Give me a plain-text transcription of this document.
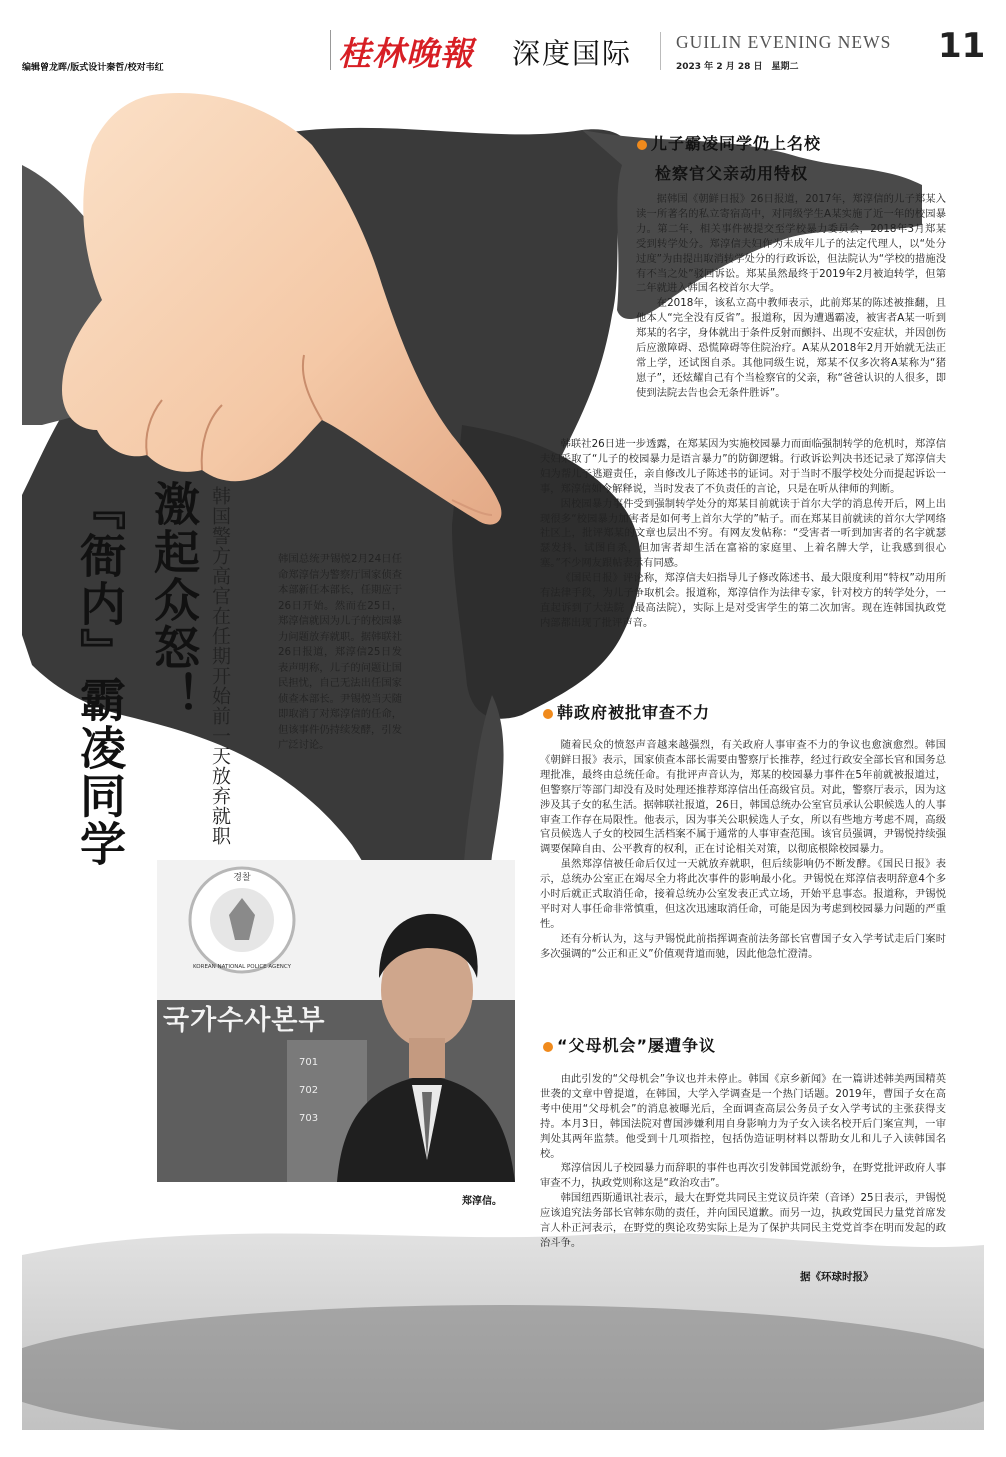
编辑曾龙晖/版式设计秦哲/校对韦红	桂林晚報 深度国际	GUILIN EVENING NEWS
2023 年 2 月 28 日　星期二
11
激起众怒！
『衙内』霸凌同学	韩国警方高官在任期开始前一天放弃就职	韩国总统尹锡悦2月24日任命郑淳信为警察厅国家侦查本部新任本部长，任期应于26日开始。然而在25日，郑淳信就因为儿子的校园暴力问题放弃就职。据韩联社26日报道，郑淳信25日发表声明称，儿子的问题让国民担忧，自己无法出任国家侦查本部长。尹锡悦当天随即取消了对郑淳信的任命，但该事件仍持续发酵，引发广泛讨论。
경찰
KOREAN NATIONAL POLICE AGENCY
701
702
703
국가수사본부
郑淳信。
儿子霸凌同学仍上名校
检察官父亲动用特权

据韩国《朝鲜日报》26日报道，2017年，郑淳信的儿子郑某入读一所著名的私立寄宿高中，对同级学生A某实施了近一年的校园暴力。第二年，相关事件被提交至学校暴力委员会，2018年3月郑某受到转学处分。郑淳信夫妇作为未成年儿子的法定代理人，以“处分过度”为由提出取消转学处分的行政诉讼，但法院认为“学校的措施没有不当之处”驳回诉讼。郑某虽然最终于2019年2月被迫转学，但第二年就进入韩国名校首尔大学。

在2018年，该私立高中教师表示，此前郑某的陈述被推翻，且他本人“完全没有反省”。报道称，因为遭遇霸凌，被害者A某一听到郑某的名字，身体就出于条件反射而颤抖、出现不安症状，并因创伤后应激障碍、恐慌障碍等住院治疗。A某从2018年2月开始就无法正常上学，还试图自杀。其他同级生说，郑某不仅多次将A某称为“猪崽子”，还炫耀自己有个当检察官的父亲，称“爸爸认识的人很多，即使到法院去告也会无条件胜诉”。

韩联社26日进一步透露，在郑某因为实施校园暴力而面临强制转学的危机时，郑淳信夫妇采取了“儿子的校园暴力是语言暴力”的防御逻辑。行政诉讼判决书还记录了郑淳信夫妇为帮儿子逃避责任，亲自修改儿子陈述书的证词。对于当时不服学校处分而提起诉讼一事，郑淳信如今解释说，当时发表了不负责任的言论，只是在听从律师的判断。

因校园暴力事件受到强制转学处分的郑某目前就读于首尔大学的消息传开后，网上出现很多“校园暴力加害者是如何考上首尔大学的”帖子。而在郑某目前就读的首尔大学网络社区上，批评郑某的文章也层出不穷。有网友发帖称：“受害者一听到加害者的名字就瑟瑟发抖、试图自杀，但加害者却生活在富裕的家庭里、上着名牌大学，让我感到很心塞。”不少网友跟帖表示有同感。

《国民日报》评论称，郑淳信夫妇指导儿子修改陈述书、最大限度利用“特权”动用所有法律手段，为儿子争取机会。报道称，郑淳信作为法律专家，针对校方的转学处分，一直起诉到了大法院（最高法院），实际上是对受害学生的第二次加害。现在连韩国执政党内部都出现了批评声音。

韩政府被批审查不力

随着民众的愤怒声音越来越强烈，有关政府人事审查不力的争议也愈演愈烈。韩国《朝鲜日报》表示，国家侦查本部长需要由警察厅长推荐，经过行政安全部长官和国务总理批准，最终由总统任命。有批评声音认为，郑某的校园暴力事件在5年前就被报道过，但警察厅等部门却没有及时处理还推荐郑淳信出任高级官员。对此，警察厅表示，因为这涉及其子女的私生活。据韩联社报道，26日，韩国总统办公室官员承认公职候选人的人事审查工作存在局限性。他表示，因为事关公职候选人子女，所以有些地方考虑不周，高级官员候选人子女的校园生活档案不属于通常的人事审查范围。该官员强调，尹锡悦持续强调要保障自由、公平教育的权利，正在讨论相关对策，以彻底根除校园暴力。

虽然郑淳信被任命后仅过一天就放弃就职，但后续影响仍不断发酵。《国民日报》表示，总统办公室正在竭尽全力将此次事件的影响最小化。尹锡悦在郑淳信表明辞意4个多小时后就正式取消任命，接着总统办公室发表正式立场，开始平息事态。报道称，尹锡悦平时对人事任命非常慎重，但这次迅速取消任命，可能是因为考虑到校园暴力问题的严重性。

还有分析认为，这与尹锡悦此前指挥调查前法务部长官曹国子女入学考试走后门案时多次强调的“公正和正义”价值观背道而驰，因此他急忙澄清。

“父母机会”屡遭争议

由此引发的“父母机会”争议也并未停止。韩国《京乡新闻》在一篇讲述韩美两国精英世袭的文章中曾提道，在韩国，大学入学调查是一个热门话题。2019年，曹国子女在高考中使用“父母机会”的消息被曝光后，全面调查高层公务员子女入学考试的主张获得支持。本月3日，韩国法院对曹国涉嫌利用自身影响力为子女入读名校开后门案宣判，一审判处其两年监禁。他受到十几项指控，包括伪造证明材料以帮助女儿和儿子入读韩国名校。

郑淳信因儿子校园暴力而辞职的事件也再次引发韩国党派纷争，在野党批评政府人事审查不力，执政党则称这是“政治攻击”。

韩国纽西斯通讯社表示，最大在野党共同民主党议员许荣（音译）25日表示，尹锡悦应该追究法务部长官韩东勋的责任，并向国民道歉。而另一边，执政党国民力量党首席发言人朴正河表示，在野党的舆论攻势实际上是为了保护共同民主党党首李在明而发起的政治斗争。

据《环球时报》
